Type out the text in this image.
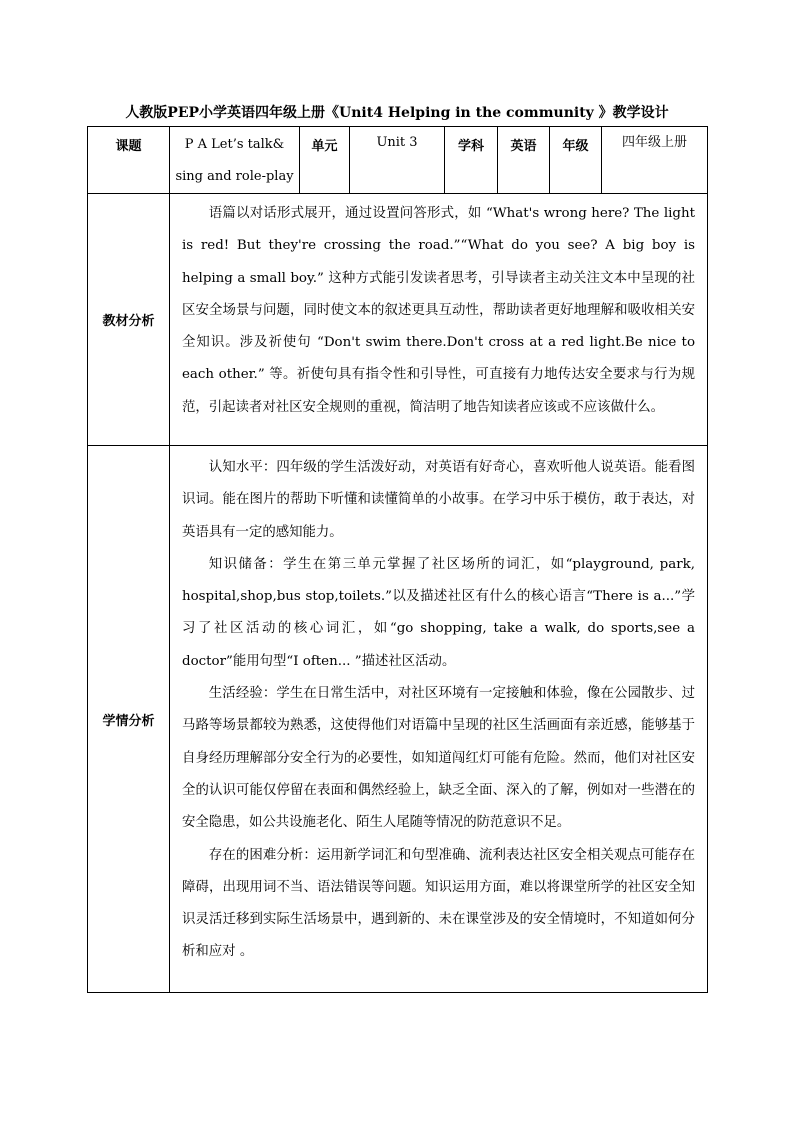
人教版PEP小学英语四年级上册《Unit4 Helping in the community 》教学设计
课题	P A Let’s talk& sing and role-play	单元	Unit 3	学科	英语	年级	四年级上册
教材分析	语篇以对话形式展开，通过设置问答形式，如 “What's wrong here? The light is red! But they're crossing the road.”“What do you see? A big boy is helping a small boy.” 这种方式能引发读者思考，引导读者主动关注文本中呈现的社区安全场景与问题，同时使文本的叙述更具互动性，帮助读者更好地理解和吸收相关安全知识。涉及祈使句 “Don't swim there.Don't cross at a red light.Be nice to each other.” 等。祈使句具有指令性和引导性，可直接有力地传达安全要求与行为规范，引起读者对社区安全规则的重视，简洁明了地告知读者应该或不应该做什么。						

学情分析	认知水平：四年级的学生活泼好动，对英语有好奇心，喜欢听他人说英语。能看图识词。能在图片的帮助下听懂和读懂简单的小故事。在学习中乐于模仿，敢于表达，对英语具有一定的感知能力。

知识储备：学生在第三单元掌握了社区场所的词汇，如“playground, park, hospital,shop,bus stop,toilets.”以及描述社区有什么的核心语言“There is a...”学习了社区活动的核心词汇，如“go shopping, take a walk, do sports,see a doctor”能用句型“I often... ”描述社区活动。

生活经验：学生在日常生活中，对社区环境有一定接触和体验，像在公园散步、过马路等场景都较为熟悉，这使得他们对语篇中呈现的社区生活画面有亲近感，能够基于自身经历理解部分安全行为的必要性，如知道闯红灯可能有危险。然而，他们对社区安全的认识可能仅停留在表面和偶然经验上，缺乏全面、深入的了解，例如对一些潜在的安全隐患，如公共设施老化、陌生人尾随等情况的防范意识不足。

存在的困难分析：运用新学词汇和句型准确、流利表达社区安全相关观点可能存在障碍，出现用词不当、语法错误等问题。知识运用方面，难以将课堂所学的社区安全知识灵活迁移到实际生活场景中，遇到新的、未在课堂涉及的安全情境时，不知道如何分析和应对 。						
